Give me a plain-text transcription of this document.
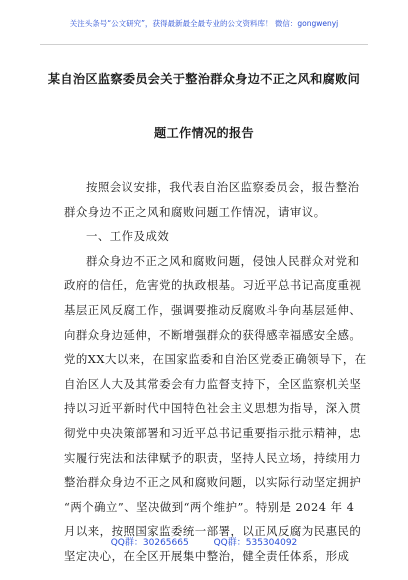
关注头条号“公文研究”，获得最新最全最专业的公文资料库！ 微信：gongwenyj
某自治区监察委员会关于整治群众身边不正之风和腐败问
题工作情况的报告
按照会议安排，我代表自治区监察委员会，报告整治
群众身边不正之风和腐败问题工作情况，请审议。
一、工作及成效
群众身边不正之风和腐败问题，侵蚀人民群众对党和
政府的信任，危害党的执政根基。习近平总书记高度重视
基层正风反腐工作，强调要推动反腐败斗争向基层延伸、
向群众身边延伸，不断增强群众的获得感幸福感安全感。
党的XX大以来，在国家监委和自治区党委正确领导下，在
自治区人大及其常委会有力监督支持下，全区监察机关坚
持以习近平新时代中国特色社会主义思想为指导，深入贯
彻党中央决策部署和习近平总书记重要指示批示精神，忠
实履行宪法和法律赋予的职责，坚持人民立场，持续用力
整治群众身边不正之风和腐败问题，以实际行动坚定拥护
“两个确立”、坚决做到“两个维护”。特别是 2024 年 4
月以来，按照国家监委统一部署，以正风反腐为民惠民的
坚定决心，在全区开展集中整治，健全责任体系，形成
QQ群：30265665	QQ群：535304092
